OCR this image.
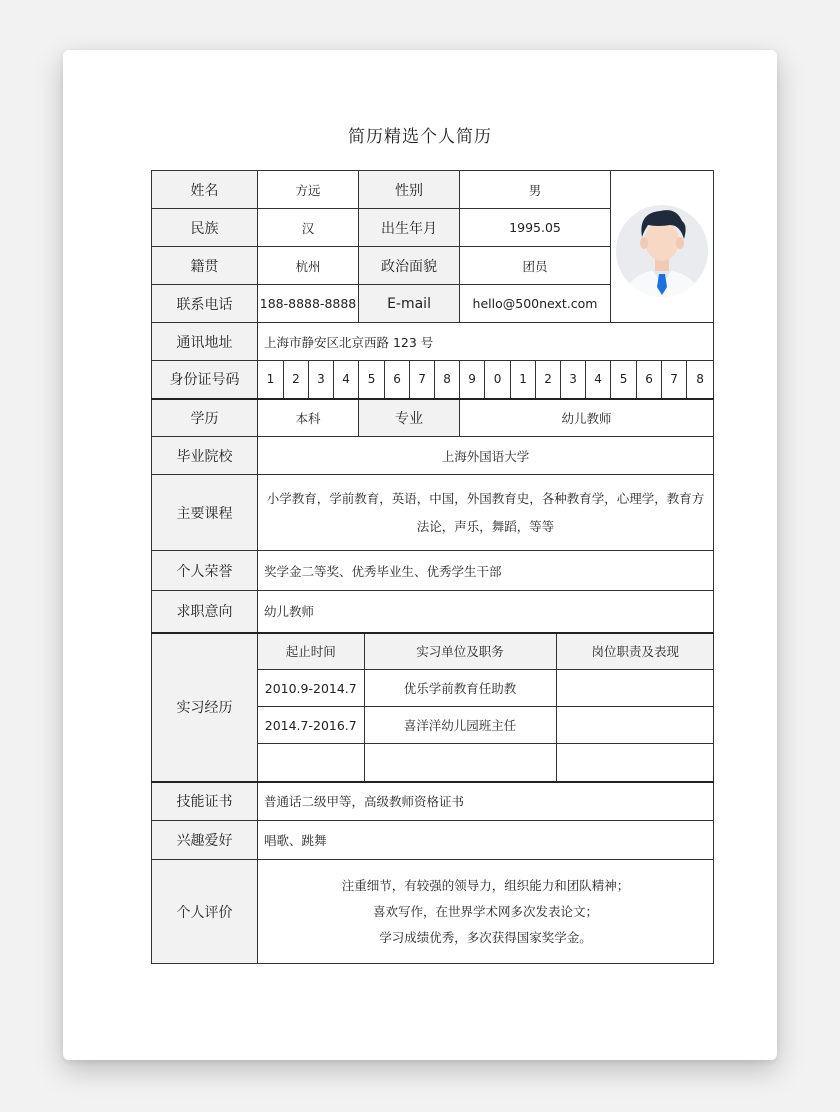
简历精选个人简历
姓名	方远	性别	男	

民族	汉	出生年月	1995.05
籍贯	杭州	政治面貌	团员
联系电话	188-8888-8888	E-mail	hello@500next.com
通讯地址	上海市静安区北京西路 123 号
身份证号码	1	2	3	4	5	6	7	8	9	0	1	2	3	4	5	6	7	8
学历	本科	专业	幼儿教师
毕业院校	上海外国语大学
主要课程	小学教育，学前教育，英语，中国，外国教育史，各种教育学，心理学，教育方法论，声乐，舞蹈，等等
个人荣誉	奖学金二等奖、优秀毕业生、优秀学生干部
求职意向	幼儿教师
实习经历	
起止时间	实习单位及职务	岗位职责及表现
2010.9-2014.7	优乐学前教育任助教	
2014.7-2016.7	喜洋洋幼儿园班主任	

技能证书	普通话二级甲等，高级教师资格证书
兴趣爱好	唱歌、跳舞
个人评价	
注重细节，有较强的领导力，组织能力和团队精神；
喜欢写作，在世界学术网多次发表论文；
学习成绩优秀，多次获得国家奖学金。
